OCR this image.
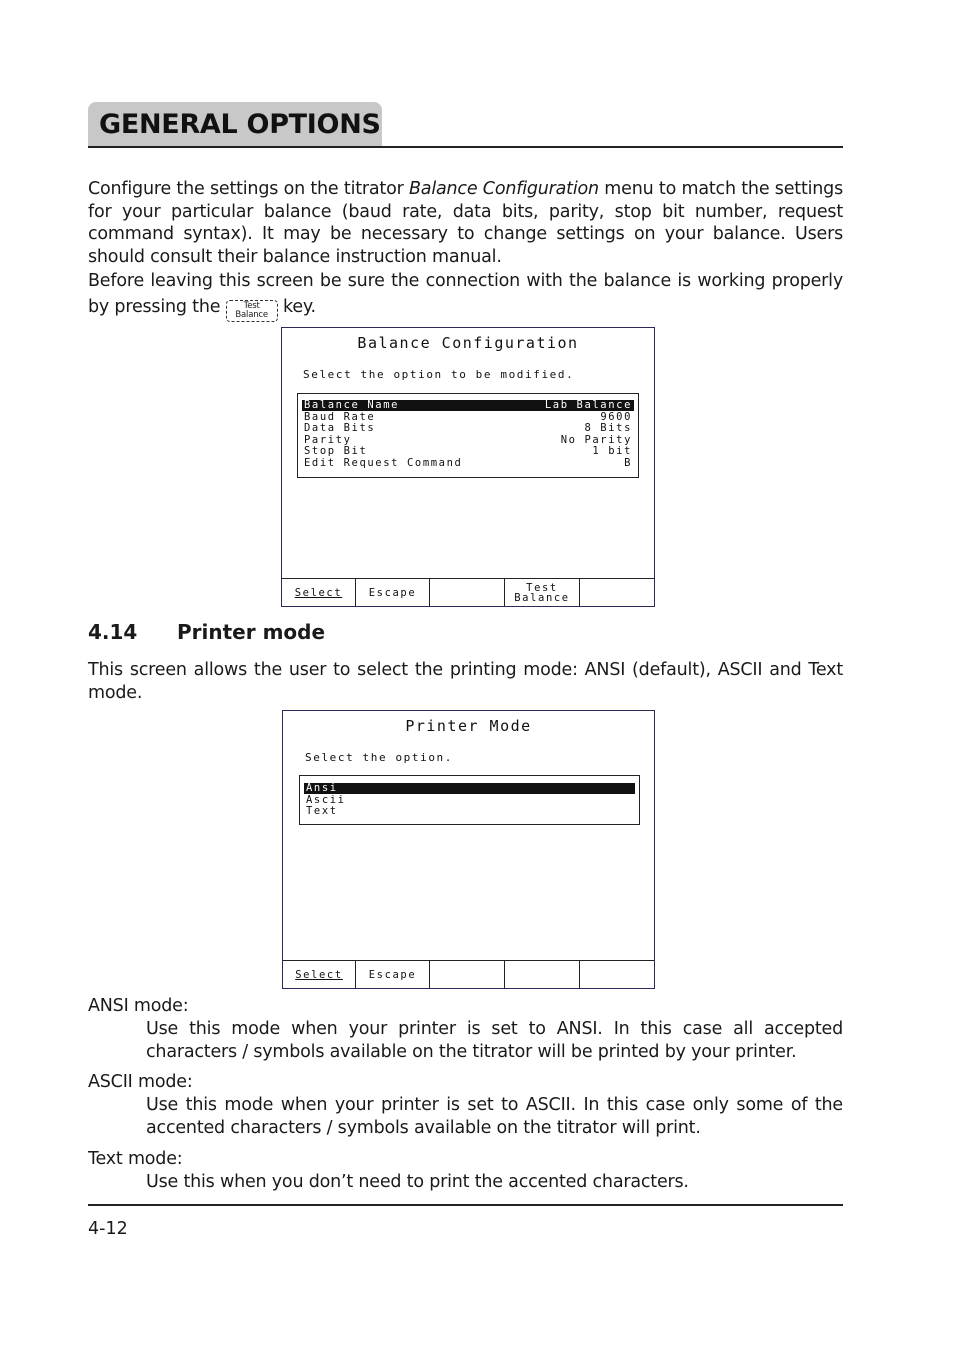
GENERAL OPTIONS

Configure the settings on the titrator Balance Configuration menu to match the settings for your particular balance (baud rate, data bits, parity, stop bit number, request command syntax). It may be necessary to change settings on your balance. Users should consult their balance instruction manual.

Before leaving this screen be sure the connection with the balance is working properly by pressing the Test
Balance key.

Balance Configuration
Select the option to be modified.
Balance Name	Lab Balance
Baud Rate	9600
Data Bits	8 Bits
Parity	No Parity
Stop Bit	1 bit
Edit Request Command	B
Select	Escape	Test
Balance
4.14 Printer mode

This screen allows the user to select the printing mode: ANSI (default), ASCII and Text mode.

Printer Mode
Select the option.
Ansi
Ascii
Text
Select Escape
ANSI mode:

Use this mode when your printer is set to ANSI. In this case all accepted characters / symbols available on the titrator will be printed by your printer.

ASCII mode:

Use this mode when your printer is set to ASCII. In this case only some of the accented characters / symbols available on the titrator will print.

Text mode:

Use this when you don’t need to print the accented characters.

4-12
